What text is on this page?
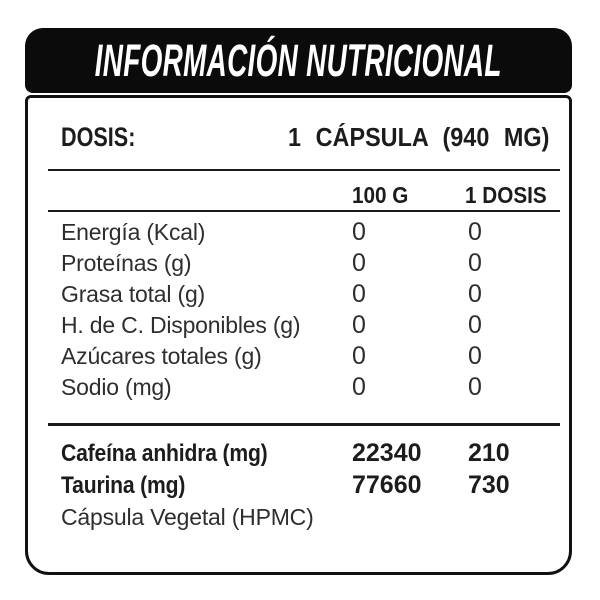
INFORMACIÓN NUTRICIONAL
DOSIS:	1 CÁPSULA (940 MG)
100 G 1 DOSIS
Energía (Kcal)	0	0
Proteínas (g)	0	0
Grasa total (g)	0	0
H. de C. Disponibles (g) 0	0
Azúcares totales (g)	0	0
Sodio (mg)	0	0
Cafeína anhidra (mg)	22340 210
Taurina (mg)	77660 730
Cápsula Vegetal (HPMC)
